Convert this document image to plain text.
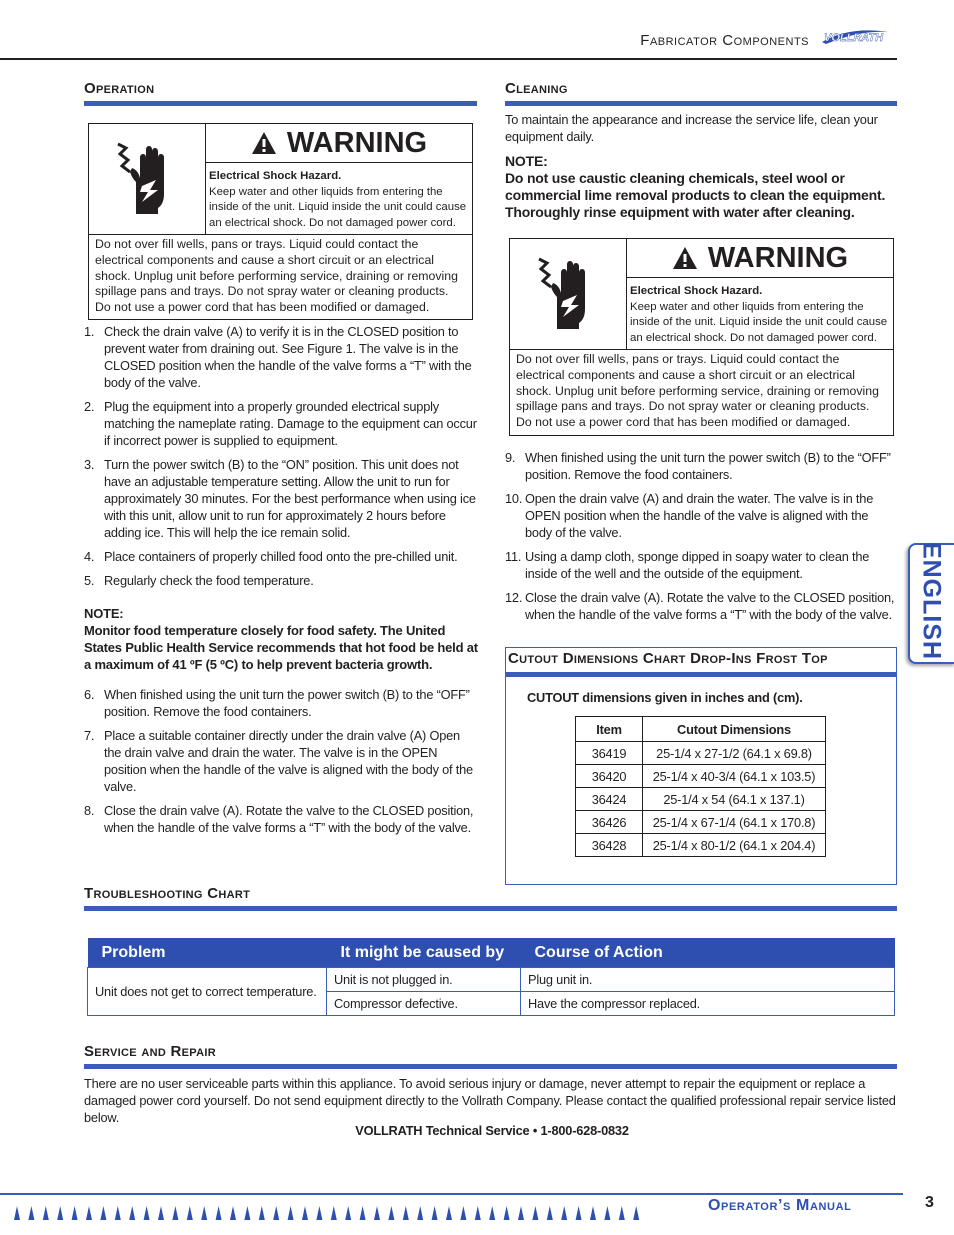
Fabricator Components VOLLRATH
Operation
WARNING
Electrical Shock Hazard.
Keep water and other liquids from entering the inside of the unit. Liquid inside the unit could cause an electrical shock. Do not damaged power cord.
Do not over fill wells, pans or trays. Liquid could contact the electrical components and cause a short circuit or an electrical shock. Unplug unit before performing service, draining or removing spillage pans and trays. Do not spray water or cleaning products. Do not use a power cord that has been modified or damaged.
1. Check the drain valve (A) to verify it is in the CLOSED position to prevent water from draining out. See Figure 1. The valve is in the CLOSED position when the handle of the valve forms a “T” with the body of the valve.
2. Plug the equipment into a properly grounded electrical supply matching the nameplate rating. Damage to the equipment can occur if incorrect power is supplied to equipment.
3. Turn the power switch (B) to the “ON” position. This unit does not have an adjustable temperature setting. Allow the unit to run for approximately 30 minutes. For the best performance when using ice with this unit, allow unit to run for approximately 2 hours before adding ice. This will help the ice remain solid.
4. Place containers of properly chilled food onto the pre-chilled unit.
5. Regularly check the food temperature.
NOTE:
Monitor food temperature closely for food safety. The United States Public Health Service recommends that hot food be held at a maximum of 41 ºF (5 ºC) to help prevent bacteria growth.
6. When finished using the unit turn the power switch (B) to the “OFF” position. Remove the food containers.
7. Place a suitable container directly under the drain valve (A) Open the drain valve and drain the water. The valve is in the OPEN position when the handle of the valve is aligned with the body of the valve.
8. Close the drain valve (A). Rotate the valve to the CLOSED position, when the handle of the valve forms a “T” with the body of the valve.
Cleaning
To maintain the appearance and increase the service life, clean your equipment daily.
NOTE:
Do not use caustic cleaning chemicals, steel wool or commercial lime removal products to clean the equipment. Thoroughly rinse equipment with water after cleaning.
WARNING
Electrical Shock Hazard.
Keep water and other liquids from entering the inside of the unit. Liquid inside the unit could cause an electrical shock. Do not damaged power cord.
Do not over fill wells, pans or trays. Liquid could contact the electrical components and cause a short circuit or an electrical shock. Unplug unit before performing service, draining or removing spillage pans and trays. Do not spray water or cleaning products. Do not use a power cord that has been modified or damaged.
9. When finished using the unit turn the power switch (B) to the “OFF” position. Remove the food containers.
10. Open the drain valve (A) and drain the water. The valve is in the OPEN position when the handle of the valve is aligned with the body of the valve.
11. Using a damp cloth, sponge dipped in soapy water to clean the inside of the well and the outside of the equipment.
12. Close the drain valve (A). Rotate the valve to the CLOSED position, when the handle of the valve forms a “T” with the body of the valve.
Cutout Dimensions Chart Drop-Ins Frost Top
CUTOUT dimensions given in inches and (cm).
Item	Cutout Dimensions
36419	25-1/4 x 27-1/2 (64.1 x 69.8)
36420	25-1/4 x 40-3/4 (64.1 x 103.5)
36424	25-1/4 x 54 (64.1 x 137.1)
36426	25-1/4 x 67-1/4 (64.1 x 170.8)
36428	25-1/4 x 80-1/2 (64.1 x 204.4)
ENGLISH
Troubleshooting Chart
Problem	It might be caused by	Course of Action
Unit does not get to correct temperature.	Unit is not plugged in.	Plug unit in.
	Compressor defective.	Have the compressor replaced.
Service and Repair
There are no user serviceable parts within this appliance. To avoid serious injury or damage, never attempt to repair the equipment or replace a damaged power cord yourself. Do not send equipment directly to the Vollrath Company. Please contact the qualified professional repair service listed below.
VOLLRATH Technical Service • 1-800-628-0832
Operator’s Manual	3
